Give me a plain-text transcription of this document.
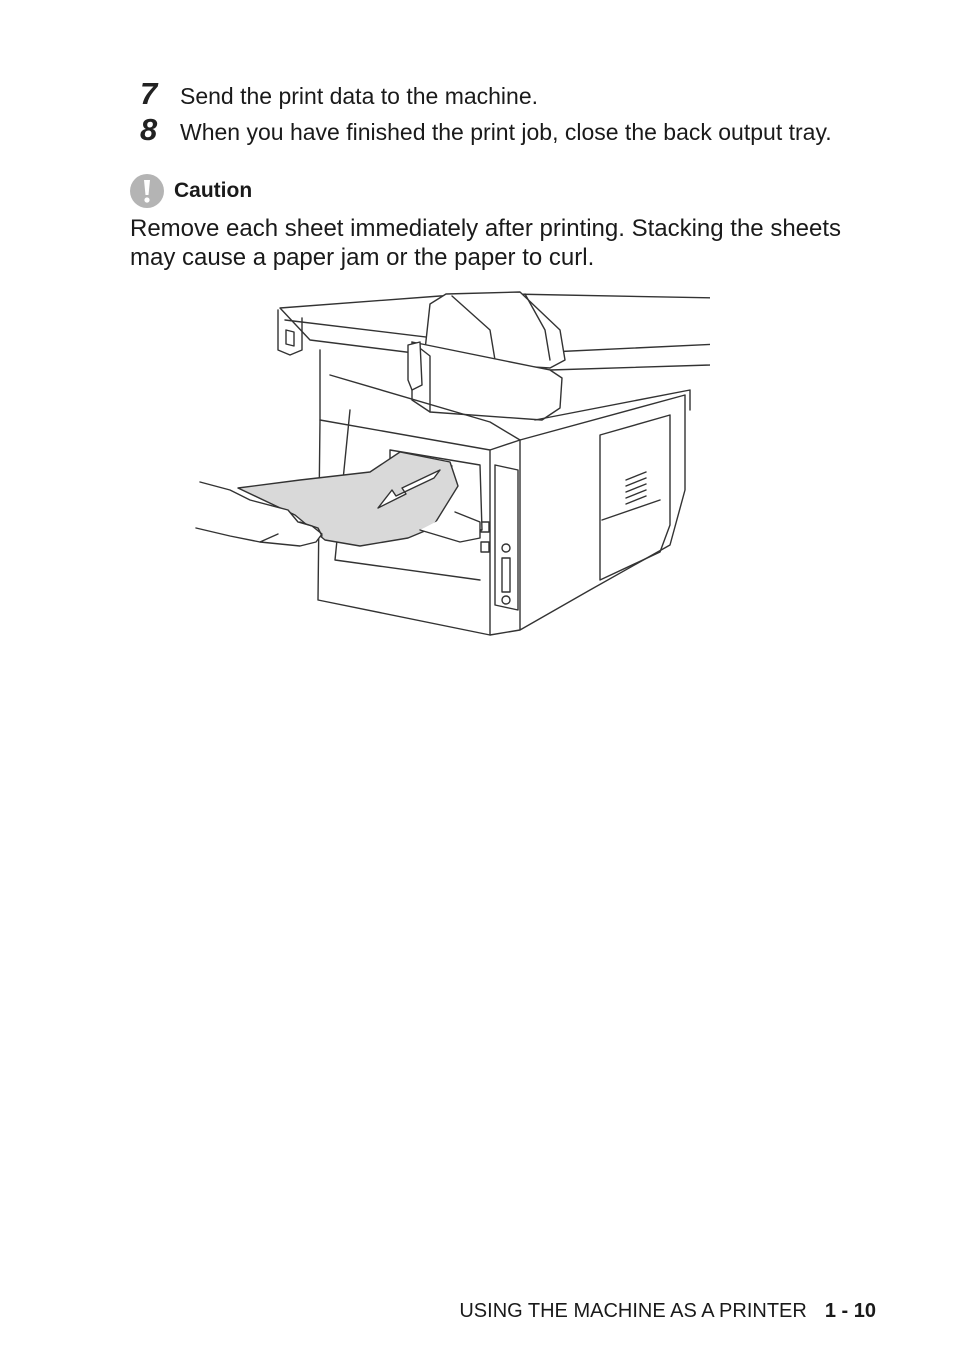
7 Send the print data to the machine.
8 When you have finished the print job, close the back output tray.
Caution

Remove each sheet immediately after printing. Stacking the sheets may cause a paper jam or the paper to curl.

USING THE MACHINE AS A PRINTER 1 - 10
